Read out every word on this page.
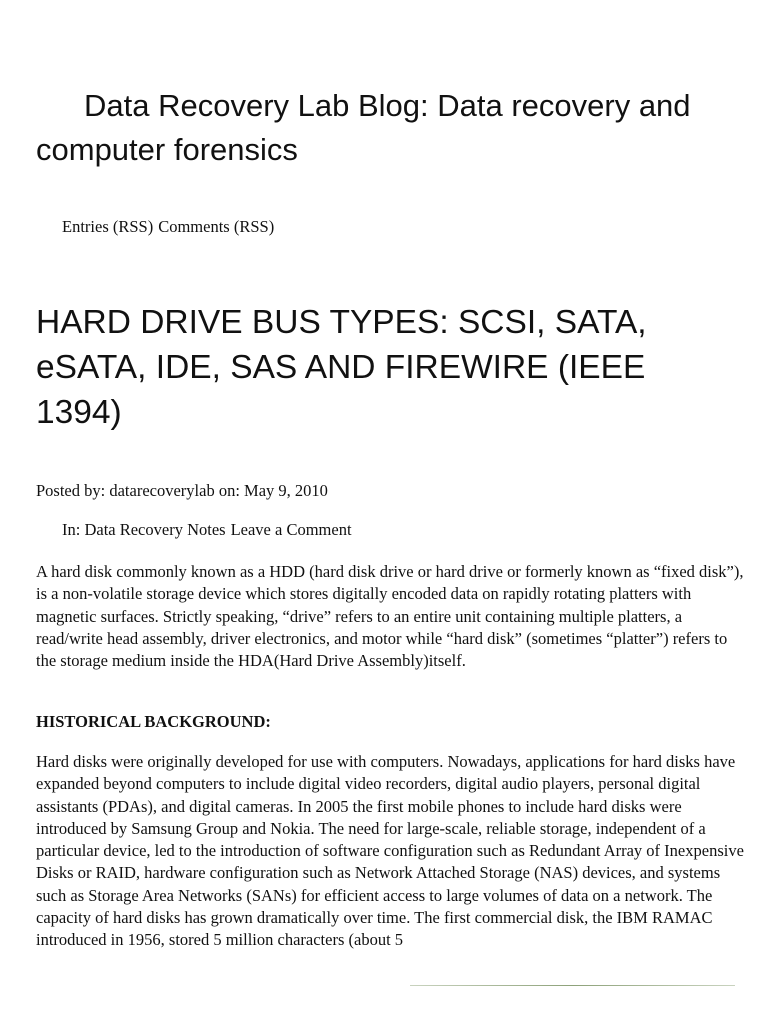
Data Recovery Lab Blog: Data recovery and computer forensics
Entries (RSS) Comments (RSS)
HARD DRIVE BUS TYPES: SCSI, SATA, eSATA, IDE, SAS AND FIREWIRE (IEEE 1394)
Posted by: datarecoverylab on: May 9, 2010
In: Data Recovery Notes Leave a Comment

A hard disk commonly known as a HDD (hard disk drive or hard drive or formerly known as “fixed disk”), is a non-volatile storage device which stores digitally encoded data on rapidly rotating platters with magnetic surfaces. Strictly speaking, “drive” refers to an entire unit containing multiple platters, a read/write head assembly, driver electronics, and motor while “hard disk” (sometimes “platter”) refers to the storage medium inside the HDA(Hard Drive Assembly)itself.

HISTORICAL BACKGROUND:

Hard disks were originally developed for use with computers. Nowadays, applications for hard disks have expanded beyond computers to include digital video recorders, digital audio players, personal digital assistants (PDAs), and digital cameras. In 2005 the first mobile phones to include hard disks were introduced by Samsung Group and Nokia. The need for large-scale, reliable storage, independent of a particular device, led to the introduction of software configuration such as Redundant Array of Inexpensive Disks or RAID, hardware configuration such as Network Attached Storage (NAS) devices, and systems such as Storage Area Networks (SANs) for efficient access to large volumes of data on a network. The capacity of hard disks has grown dramatically over time. The first commercial disk, the IBM RAMAC introduced in 1956, stored 5 million characters (about 5
